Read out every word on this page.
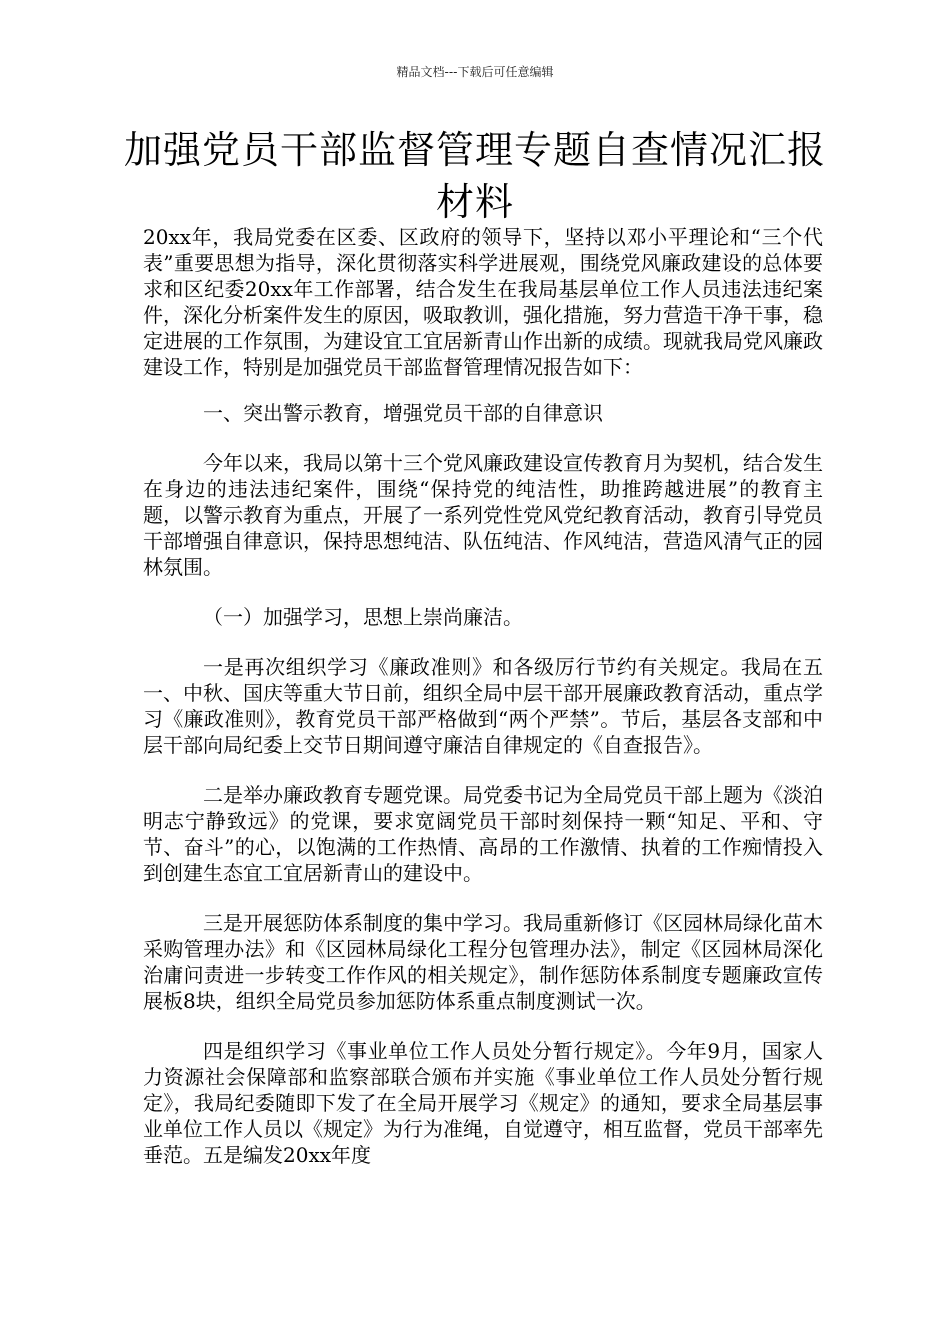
精品文档---下载后可任意编辑
加强党员干部监督管理专题自查情况汇报材料

20xx年，我局党委在区委、区政府的领导下，坚持以邓小平理论和“三个代表”重要思想为指导，深化贯彻落实科学进展观，围绕党风廉政建设的总体要求和区纪委20xx年工作部署，结合发生在我局基层单位工作人员违法违纪案件，深化分析案件发生的原因，吸取教训，强化措施，努力营造干净干事，稳定进展的工作氛围，为建设宜工宜居新青山作出新的成绩。现就我局党风廉政建设工作，特别是加强党员干部监督管理情况报告如下：

一、突出警示教育，增强党员干部的自律意识

今年以来，我局以第十三个党风廉政建设宣传教育月为契机，结合发生在身边的违法违纪案件，围绕“保持党的纯洁性，助推跨越进展”的教育主题，以警示教育为重点，开展了一系列党性党风党纪教育活动，教育引导党员干部增强自律意识，保持思想纯洁、队伍纯洁、作风纯洁，营造风清气正的园林氛围。

（一）加强学习，思想上崇尚廉洁。

一是再次组织学习《廉政准则》和各级厉行节约有关规定。我局在五一、中秋、国庆等重大节日前，组织全局中层干部开展廉政教育活动，重点学习《廉政准则》，教育党员干部严格做到“两个严禁”。节后，基层各支部和中层干部向局纪委上交节日期间遵守廉洁自律规定的《自查报告》。

二是举办廉政教育专题党课。局党委书记为全局党员干部上题为《淡泊明志宁静致远》的党课，要求宽阔党员干部时刻保持一颗“知足、平和、守节、奋斗”的心，以饱满的工作热情、高昂的工作激情、执着的工作痴情投入到创建生态宜工宜居新青山的建设中。

三是开展惩防体系制度的集中学习。我局重新修订《区园林局绿化苗木采购管理办法》和《区园林局绿化工程分包管理办法》，制定《区园林局深化治庸问责进一步转变工作作风的相关规定》，制作惩防体系制度专题廉政宣传展板8块，组织全局党员参加惩防体系重点制度测试一次。

四是组织学习《事业单位工作人员处分暂行规定》。今年9月，国家人力资源社会保障部和监察部联合颁布并实施《事业单位工作人员处分暂行规定》，我局纪委随即下发了在全局开展学习《规定》的通知，要求全局基层事业单位工作人员以《规定》为行为准绳，自觉遵守，相互监督，党员干部率先垂范。五是编发20xx年度
